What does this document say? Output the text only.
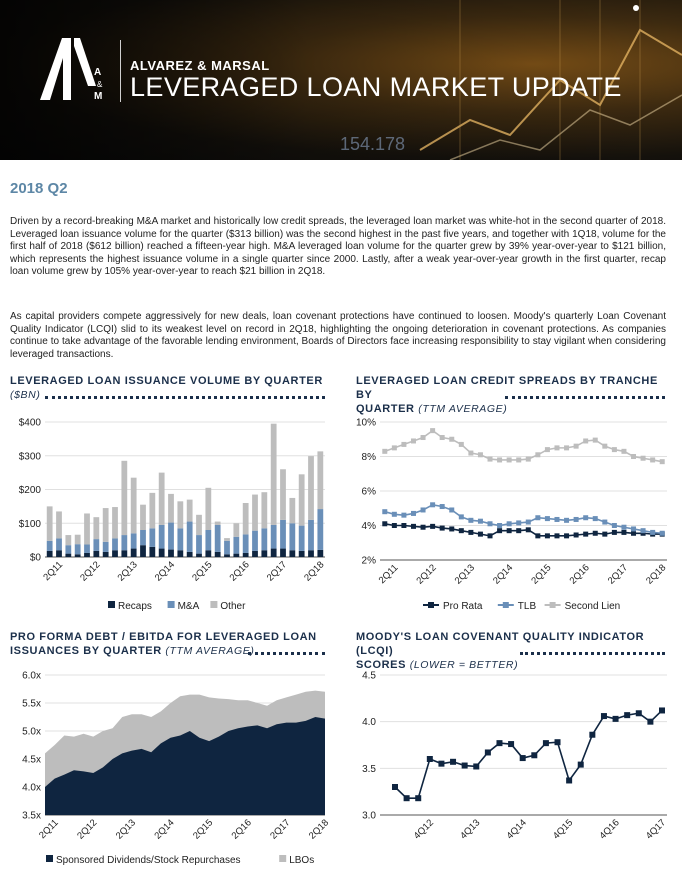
154.178
A
M
&
ALVAREZ & MARSAL
LEVERAGED LOAN MARKET UPDATE
2018 Q2
Driven by a record-breaking M&A market and historically low credit spreads, the leveraged loan market was white-hot in the second quarter of 2018. Leveraged loan issuance volume for the quarter ($313 billion) was the second highest in the past five years, and together with 1Q18, volume for the first half of 2018 ($612 billion) reached a fifteen-year high. M&A leveraged loan volume for the quarter grew by 39% year-over-year to $121 billion, which represents the highest issuance volume in a single quarter since 2000. Lastly, after a weak year-over-year growth in the first quarter, recap loan volume grew by 105% year-over-year to reach $21 billion in 2Q18.
As capital providers compete aggressively for new deals, loan covenant protections have continued to loosen. Moody's quarterly Loan Covenant Quality Indicator (LCQI) slid to its weakest level on record in 2Q18, highlighting the ongoing deterioration in covenant protections. As companies continue to take advantage of the favorable lending environment, Boards of Directors face increasing responsibility to stay vigilant when considering leveraged transactions.
LEVERAGED LOAN ISSUANCE VOLUME BY QUARTER
($BN)
LEVERAGED LOAN CREDIT SPREADS BY TRANCHE BY
QUARTER (TTM AVERAGE)
PRO FORMA DEBT / EBITDA FOR LEVERAGED LOAN
ISSUANCES BY QUARTER (TTM AVERAGE)
MOODY'S LOAN COVENANT QUALITY INDICATOR (LCQI)
SCORES (LOWER = BETTER)
$0
$100
$200
$300
$400
2Q11 2Q12 2Q13 2Q14 2Q15 2Q16 2Q17 2Q18
Recaps	M&A Other
2%
4%
6%
8%
10%
2Q11 2Q12 2Q13 2Q14 2Q15 2Q16 2Q17 2Q18
Pro Rata	TLB	Second Lien
3.5x
4.0x
4.5x
5.0x
5.5x
6.0x
2Q11 2Q12 2Q13 2Q14 2Q15 2Q16 2Q17 2Q18
Sponsored Dividends/Stock Repurchases	LBOs
3.0
3.5
4.0
4.5
4Q12 4Q13 4Q14 4Q15 4Q16 4Q17
